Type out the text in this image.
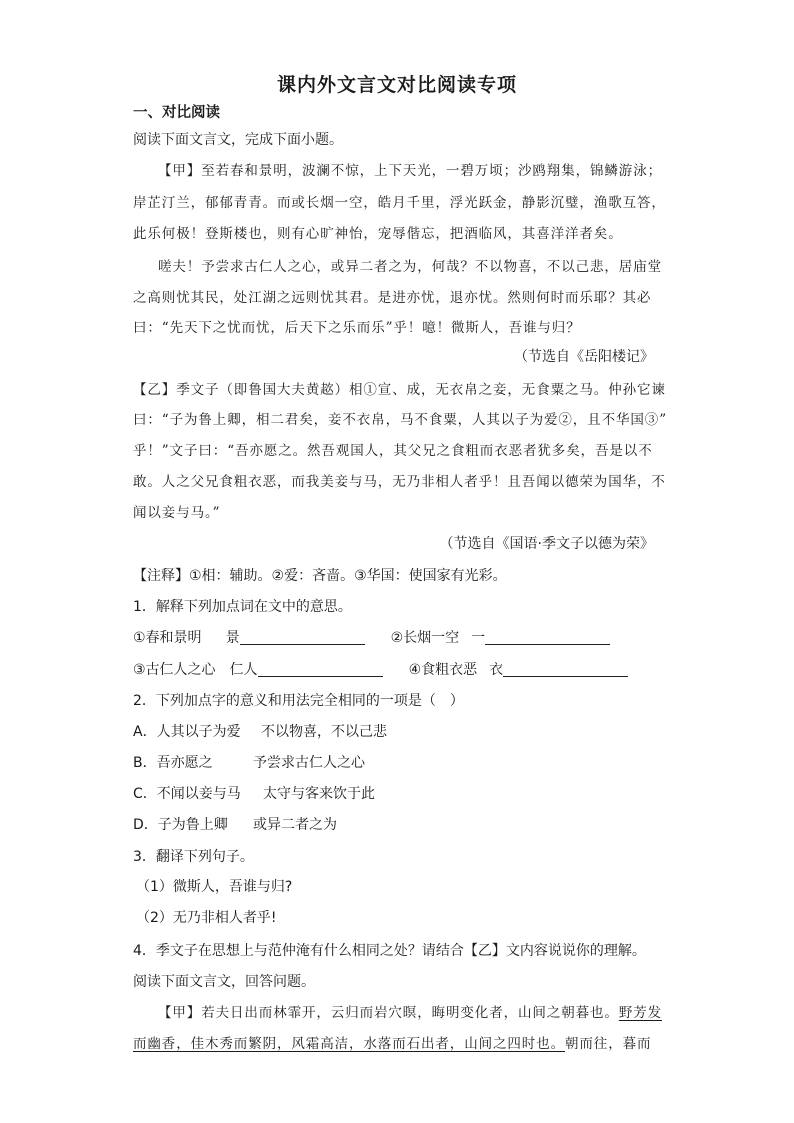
课内外文言文对比阅读专项
一、对比阅读
阅读下面文言文，完成下面小题。
【甲】至若春和景明，波澜不惊，上下天光，一碧万顷；沙鸥翔集，锦鳞游泳；
岸芷汀兰，郁郁青青。而或长烟一空，皓月千里，浮光跃金，静影沉璧，渔歌互答，
此乐何极！登斯楼也，则有心旷神怡，宠辱偕忘，把酒临风，其喜洋洋者矣。
嗟夫！予尝求古仁人之心，或异二者之为，何哉？不以物喜，不以己悲，居庙堂
之高则忧其民，处江湖之远则忧其君。是进亦忧，退亦忧。然则何时而乐耶？其必
曰：“先天下之忧而忧，后天下之乐而乐”乎！噫！微斯人，吾谁与归？
（节选自《岳阳楼记》
【乙】季文子（即鲁国大夫黄趑）相①宣、成，无衣帛之妾，无食粟之马。仲孙它谏
曰：“子为鲁上卿，相二君矣，妾不衣帛，马不食粟，人其以子为爱②，且不华国③”
乎！”文子曰：“吾亦愿之。然吾观国人，其父兄之食粗而衣恶者犹多矣，吾是以不
敢。人之父兄食粗衣恶，而我美妾与马，无乃非相人者乎！且吾闻以德荣为国华，不
闻以妾与马。”
（节选自《国语·季文子以德为荣》
【注释】①相：辅助。②爱：吝啬。③华国：使国家有光彩。
1．解释下列加点词在文中的意思。
①春和景明 景	②长烟一空 一
③古仁人之心 仁人	④食粗衣恶 衣
2．下列加点字的意义和用法完全相同的一项是（　）
A．人其以子为爱 不以物喜，不以己悲
B．吾亦愿之	予尝求古仁人之心
C．不闻以妾与马 太守与客来饮于此
D．子为鲁上卿 或异二者之为
3．翻译下列句子。
（1）微斯人，吾谁与归?
（2）无乃非相人者乎!
4．季文子在思想上与范仲淹有什么相同之处？请结合【乙】文内容说说你的理解。
阅读下面文言文，回答问题。
【甲】若夫日出而林霏开，云归而岩穴暝，晦明变化者，山间之朝暮也。野芳发
而幽香，佳木秀而繁阴，风霜高洁，水落而石出者，山间之四时也。朝而往，暮而
